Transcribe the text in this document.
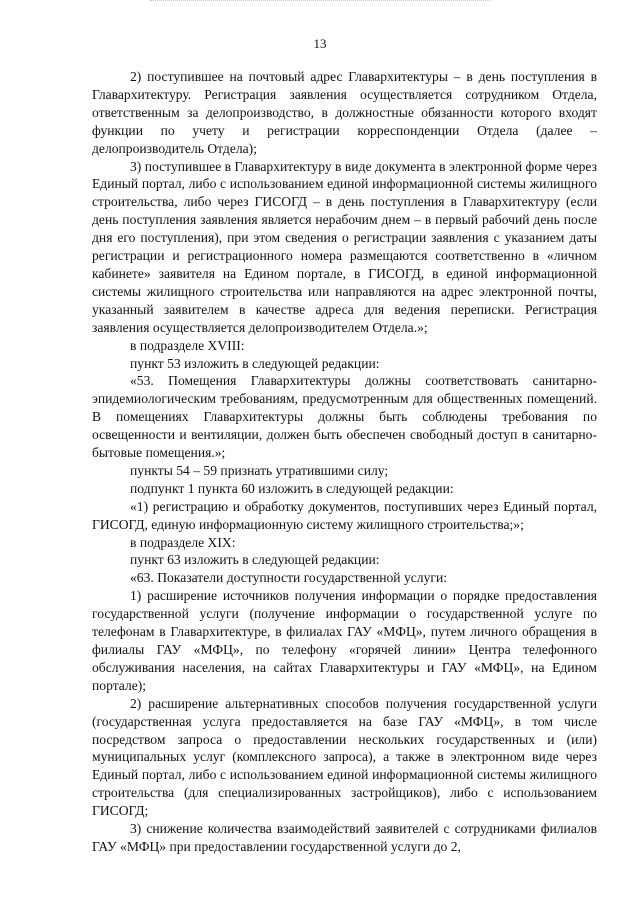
13

2) поступившее на почтовый адрес Главархитектуры – в день поступления в Главархитектуру. Регистрация заявления осуществляется сотрудником Отдела, ответственным за делопроизводство, в должностные обязанности которого входят функции по учету и регистрации корреспонденции Отдела (далее – делопроизводитель Отдела);

3) поступившее в Главархитектуру в виде документа в электронной форме через Единый портал, либо с использованием единой информационной системы жилищного строительства, либо через ГИСОГД – в день поступления в Главархитектуру (если день поступления заявления является нерабочим днем – в первый рабочий день после дня его поступления), при этом сведения о регистрации заявления с указанием даты регистрации и регистрационного номера размещаются соответственно в «личном кабинете» заявителя на Едином портале, в ГИСОГД, в единой информационной системы жилищного строительства или направляются на адрес электронной почты, указанный заявителем в качестве адреса для ведения переписки. Регистрация заявления осуществляется делопроизводителем Отдела.»;

в подразделе XVIII:

пункт 53 изложить в следующей редакции:

«53. Помещения Главархитектуры должны соответствовать санитарно-эпидемиологическим требованиям, предусмотренным для общественных помещений. В помещениях Главархитектуры должны быть соблюдены требования по освещенности и вентиляции, должен быть обеспечен свободный доступ в санитарно-бытовые помещения.»;

пункты 54 – 59 признать утратившими силу;

подпункт 1 пункта 60 изложить в следующей редакции:

«1) регистрацию и обработку документов, поступивших через Единый портал, ГИСОГД, единую информационную систему жилищного строительства;»;

в подразделе XIX:

пункт 63 изложить в следующей редакции:

«63. Показатели доступности государственной услуги:

1) расширение источников получения информации о порядке предоставления государственной услуги (получение информации о государственной услуге по телефонам в Главархитектуре, в филиалах ГАУ «МФЦ», путем личного обращения в филиалы ГАУ «МФЦ», по телефону «горячей линии» Центра телефонного обслуживания населения, на сайтах Главархитектуры и ГАУ «МФЦ», на Едином портале);

2) расширение альтернативных способов получения государственной услуги (государственная услуга предоставляется на базе ГАУ «МФЦ», в том числе посредством запроса о предоставлении нескольких государственных и (или) муниципальных услуг (комплексного запроса), а также в электронном виде через Единый портал, либо с использованием единой информационной системы жилищного строительства (для специализированных застройщиков), либо с использованием ГИСОГД;

3) снижение количества взаимодействий заявителей с сотрудниками филиалов ГАУ «МФЦ» при предоставлении государственной услуги до 2,
